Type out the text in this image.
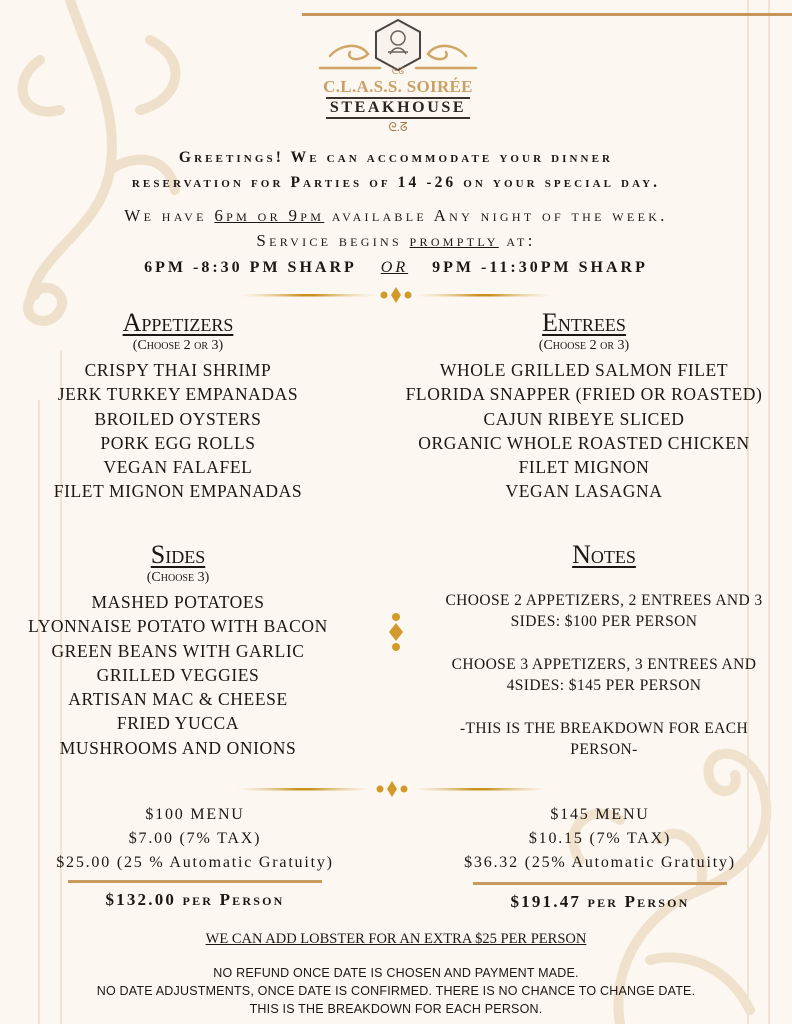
ᘓᘔ
C.L.A.S.S. SOIRÉE
STEAKHOUSE
ᘓ.ᘔ
Greetings! We can accommodate your dinner
reservation for Parties of 14 -26 on your special day.
We have 6pm or 9pm available Any night of the week.
Service begins promptly at:
6PM -8:30 PM SHARP OR 9PM -11:30PM SHARP
Appetizers
(Choose 2 or 3)
CRISPY THAI SHRIMP
JERK TURKEY EMPANADAS
BROILED OYSTERS
PORK EGG ROLLS
VEGAN FALAFEL
FILET MIGNON EMPANADAS
Entrees
(Choose 2 or 3)
WHOLE GRILLED SALMON FILET
FLORIDA SNAPPER (FRIED OR ROASTED)
CAJUN RIBEYE SLICED
ORGANIC WHOLE ROASTED CHICKEN
FILET MIGNON
VEGAN LASAGNA
Sides
(Choose 3)
MASHED POTATOES
LYONNAISE POTATO WITH BACON
GREEN BEANS WITH GARLIC
GRILLED VEGGIES
ARTISAN MAC & CHEESE
FRIED YUCCA
MUSHROOMS AND ONIONS
Notes
CHOOSE 2 APPETIZERS, 2 ENTREES AND 3 SIDES: $100 PER PERSON
CHOOSE 3 APPETIZERS, 3 ENTREES AND 4SIDES: $145 PER PERSON
-THIS IS THE BREAKDOWN FOR EACH PERSON-
$100 MENU
$7.00 (7% TAX)
$25.00 (25 % Automatic Gratuity)
$132.00 per Person
$145 MENU
$10.15 (7% TAX)
$36.32 (25% Automatic Gratuity)
$191.47 per Person
WE CAN ADD LOBSTER FOR AN EXTRA $25 PER PERSON
NO REFUND ONCE DATE IS CHOSEN AND PAYMENT MADE.
NO DATE ADJUSTMENTS, ONCE DATE IS CONFIRMED. THERE IS NO CHANCE TO CHANGE DATE.
THIS IS THE BREAKDOWN FOR EACH PERSON.
